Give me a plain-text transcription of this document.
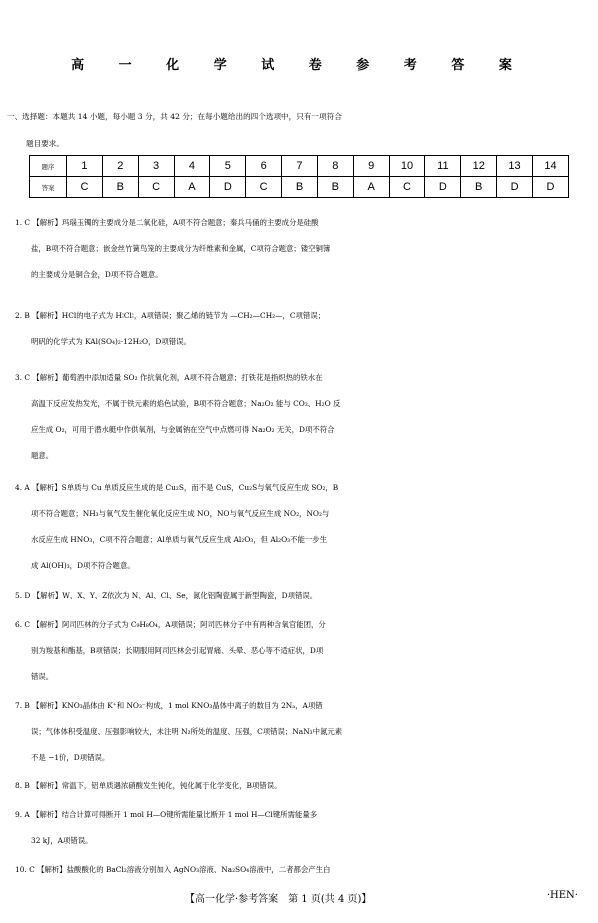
高 一 化 学 试 卷 参 考 答 案
一、选择题：本题共 14 小题，每小题 3 分，共 42 分；在每小题给出的四个选项中，只有一项符合
题目要求。
题序	1	2	3	4	5	6	7	8	9	10	11	12	13	14
答案	C	B	C	A	D	C	B	B	A	C	D	B	D	D
1. C 【解析】玛瑙玉镯的主要成分是二氧化硅，A项不符合题意；秦兵马俑的主要成分是硅酸
盐，B项不符合题意；嵌金丝竹簧鸟笼的主要成分为纤维素和金属，C项符合题意；镂空铜簿
的主要成分是铜合金，D项不符合题意。
2. B 【解析】HCl的电子式为 H∶Cl∶，A项错误；聚乙烯的链节为 —CH₂—CH₂—，C项错误；
明矾的化学式为 KAl(SO₄)₂·12H₂O，D项错误。
3. C 【解析】葡萄酒中添加适量 SO₂ 作抗氧化剂，A项不符合题意；打铁花是指炽热的铁水在
高温下反应发热发光，不属于铁元素的焰色试验，B项不符合题意；Na₂O₂ 能与 CO₂、H₂O 反
应生成 O₂，可用于潜水艇中作供氧剂，与金属钠在空气中点燃可得 Na₂O₂ 无关，D项不符合
题意。
4. A 【解析】S单质与 Cu 单质反应生成的是 Cu₂S，而不是 CuS，Cu₂S与氧气反应生成 SO₂，B
项不符合题意；NH₃与氧气发生催化氧化反应生成 NO，NO与氧气反应生成 NO₂，NO₂与
水反应生成 HNO₃，C项不符合题意；Al单质与氧气反应生成 Al₂O₃，但 Al₂O₃不能一步生
成 Al(OH)₃，D项不符合题意。
5. D 【解析】W、X、Y、Z依次为 N、Al、Cl、Se，氮化铝陶瓷属于新型陶瓷，D项错误。
6. C 【解析】阿司匹林的分子式为 C₉H₈O₄，A项错误；阿司匹林分子中有两种含氧官能团，分
别为羧基和酯基，B项错误；长期服用阿司匹林会引起胃痛、头晕、恶心等不适症状，D项
错误。
7. B 【解析】KNO₃晶体由 K⁺和 NO₃⁻构成，1 mol KNO₃晶体中离子的数目为 2Nₐ，A项错
误；气体体积受温度、压强影响较大，未注明 N₂所处的温度、压强，C项错误；NaN₃中氮元素
不是 −1价，D项错误。
8. B 【解析】常温下，铝单质遇浓硝酸发生钝化，钝化属于化学变化，B项错误。
9. A 【解析】结合计算可得断开 1 mol H—O键所需能量比断开 1 mol H—Cl键所需能量多
32 kJ，A项错误。
10. C 【解析】盐酸酸化的 BaCl₂溶液分别加入 AgNO₃溶液、Na₂SO₄溶液中，二者都会产生白
【高一化学·参考答案　第 1 页(共 4 页)】	·HEN·
